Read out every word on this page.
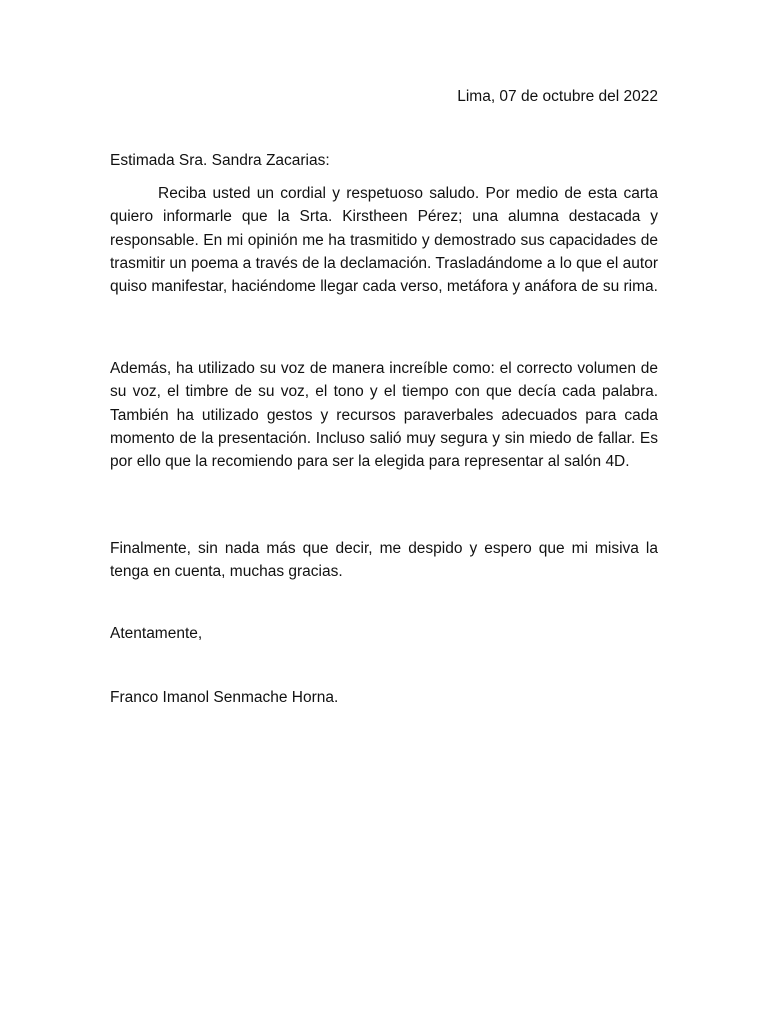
Lima, 07 de octubre del 2022
Estimada Sra. Sandra Zacarias:

Reciba usted un cordial y respetuoso saludo. Por medio de esta carta quiero informarle que la Srta. Kirstheen Pérez; una alumna destacada y responsable. En mi opinión me ha trasmitido y demostrado sus capacidades de trasmitir un poema a través de la declamación. Trasladándome a lo que el autor quiso manifestar, haciéndome llegar cada verso, metáfora y anáfora de su rima.

Además, ha utilizado su voz de manera increíble como: el correcto volumen de su voz, el timbre de su voz, el tono y el tiempo con que decía cada palabra. También ha utilizado gestos y recursos paraverbales adecuados para cada momento de la presentación. Incluso salió muy segura y sin miedo de fallar. Es por ello que la recomiendo para ser la elegida para representar al salón 4D.

Finalmente, sin nada más que decir, me despido y espero que mi misiva la tenga en cuenta, muchas gracias.

Atentamente,
Franco Imanol Senmache Horna.
